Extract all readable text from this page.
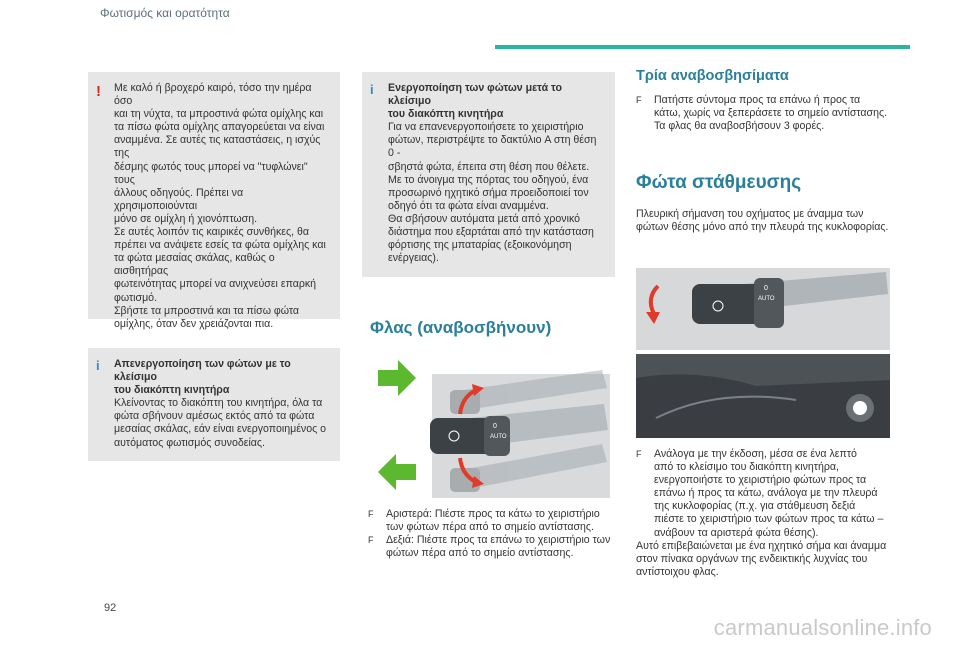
Φωτισμός και ορατότητα
! Με καλό ή βροχερό καιρό, τόσο την ημέρα όσο
και τη νύχτα, τα μπροστινά φώτα ομίχλης και
τα πίσω φώτα ομίχλης απαγορεύεται να είναι
αναμμένα. Σε αυτές τις καταστάσεις, η ισχύς της
δέσμης φωτός τους μπορεί να "τυφλώνει" τους
άλλους οδηγούς. Πρέπει να χρησιμοποιούνται
μόνο σε ομίχλη ή χιονόπτωση.
Σε αυτές λοιπόν τις καιρικές συνθήκες, θα
πρέπει να ανάψετε εσείς τα φώτα ομίχλης και
τα φώτα μεσαίας σκάλας, καθώς ο αισθητήρας
φωτεινότητας μπορεί να ανιχνεύσει επαρκή
φωτισμό.
Σβήστε τα μπροστινά και τα πίσω φώτα
ομίχλης, όταν δεν χρειάζονται πια.
i Απενεργοποίηση των φώτων με το κλείσιμο
του διακόπτη κινητήρα
Κλείνοντας το διακόπτη του κινητήρα, όλα τα
φώτα σβήνουν αμέσως εκτός από τα φώτα
μεσαίας σκάλας, εάν είναι ενεργοποιημένος ο
αυτόματος φωτισμός συνοδείας.
i Ενεργοποίηση των φώτων μετά το κλείσιμο
του διακόπτη κινητήρα
Για να επανενεργοποιήσετε το χειριστήριο
φώτων, περιστρέψτε το δακτύλιο A στη θέση 0 -
σβηστά φώτα, έπειτα στη θέση που θέλετε.
Με το άνοιγμα της πόρτας του οδηγού, ένα
προσωρινό ηχητικό σήμα προειδοποιεί τον
οδηγό ότι τα φώτα είναι αναμμένα.
Θα σβήσουν αυτόματα μετά από χρονικό
διάστημα που εξαρτάται από την κατάσταση
φόρτισης της μπαταρίας (εξοικονόμηση
ενέργειας).
Φλας (αναβοσβήνουν)
AUTO
0
F Αριστερά: Πιέστε προς τα κάτω το χειριστήριο
των φώτων πέρα από το σημείο αντίστασης.
F Δεξιά: Πιέστε προς τα επάνω το χειριστήριο των
φώτων πέρα από το σημείο αντίστασης.
Τρία αναβοσβησίματα
F Πατήστε σύντομα προς τα επάνω ή προς τα
κάτω, χωρίς να ξεπεράσετε το σημείο αντίστασης.
Τα φλας θα αναβοσβήσουν 3 φορές.
Φώτα στάθμευσης
Πλευρική σήμανση του οχήματος με άναμμα των
φώτων θέσης μόνο από την πλευρά της κυκλοφορίας.
AUTO
0
F Ανάλογα με την έκδοση, μέσα σε ένα λεπτό
από το κλείσιμο του διακόπτη κινητήρα,
ενεργοποιήστε το χειριστήριο φώτων προς τα
επάνω ή προς τα κάτω, ανάλογα με την πλευρά
της κυκλοφορίας (π.χ. για στάθμευση δεξιά
πιέστε το χειριστήριο των φώτων προς τα κάτω –
ανάβουν τα αριστερά φώτα θέσης).
Αυτό επιβεβαιώνεται με ένα ηχητικό σήμα και άναμμα
στον πίνακα οργάνων της ενδεικτικής λυχνίας του
αντίστοιχου φλας.
92
carmanualsonline.info
